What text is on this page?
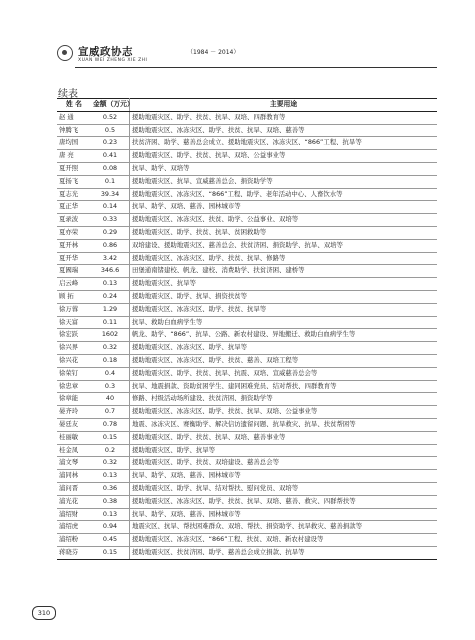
宣威政协志	（1984 － 2014）
XUAN WEI ZHENG XIE ZHI
续表
姓 名	金额（万元）	主要用途
赵 通	0.52	援助地震灾区、助学、扶贫、抗旱、双培、四群教育等
钟腾飞	0.5	援助地震灾区、冰冻灾区、助学、扶贫、抗旱、双培、慈善等
唐均国	0.23	扶贫济困、助学、慈善总会成立、援助地震灾区、冰冻灾区、“866”工程、抗旱等
唐 亮	0.41	援助地震灾区、助学、扶贫、抗旱、双培、公益事业等
夏开照	0.08	抗旱、助学、双培等
夏扬飞	0.1	援助地震灾区、抗旱、宣威慈善总会、捐资助学等
夏志光	39.34	援助地震灾区、冰冻灾区、“866”工程、助学、老年活动中心、人畜饮水等
夏正华	0.14	抗旱、助学、双培、慈善、园林城市等
夏录波	0.33	援助地震灾区、冰冻灾区、扶贫、助学、公益事业、双培等
夏亦荣	0.29	援助地震灾区、助学、扶贫、抗旱、贫困救助等
夏开林	0.86	双培建设、援助地震灾区、慈善总会、扶贫济困、捐资助学、抗旱、双培等
夏开华	3.42	援助地震灾区、冰冻灾区、助学、扶贫、抗旱、修路等
夏國瑞	346.6	田堡通南锗建校、帆龙、建校、消费助学、扶贫济困、建桥等
启云峰	0.13	援助地震灾区、抗旱等
顾 拓	0.24	援助地震灾区、助学、抗旱、捐资扶贫等
徐万蓉	1.29	援助地震灾区、冰冻灾区、助学、扶贫、抗旱等
徐天富	0.11	抗旱、救助白血病学生等
徐宏跃	1602	帆龙、助学、“866”、抗旱、公路、新农村建设、异地搬迁、救助白血病学生等
徐兴界	0.32	援助地震灾区、冰冻灾区、助学、抗旱等
徐兴花	0.18	援助地震灾区、冰冻灾区、助学、扶贫、慈善、双培工程等
徐荣钉	0.4	援助地震灾区、助学、扶贫、抗旱、抗震、双培、宣威慈善总会等
徐忠章	0.3	抗旱、地震捐款、资助贫困学生、建同困难党员、结对帮扶、四群教育等
徐章能	40	修路、村级活动场所建设、扶贫济困、捐资助学等
晏齐玲	0.7	援助地震灾区、冰冻灾区、助学、扶贫、抗旱、双培、公益事业等
晏廷友	0.78	地震、冰冻灾区、赛衡助学、解决信访遗留问题、抗旱救灾、抗旱、扶贫帮困等
桂丽敏	0.15	援助地震灾区、助学、扶贫、抗旱、双培、慈善事业等
桂金凤	0.2	援助地震灾区、助学、抗旱等
浦文琴	0.32	援助地震灾区、助学、扶贫、双培建设、慈善总会等
浦同林	0.13	抗旱、助学、双培、慈善、园林城市等
浦问晋	0.36	援助地震灾区、助学、抗旱、结对帮扶、慰问党员、双培等
浦光花	0.38	援助地震灾区、冰冻灾区、助学、扶贫、抗旱、双培、慈善、救灾、四群帮扶等
浦绍财	0.13	抗旱、助学、双培、慈善、园林城市等
浦绍虎	0.94	地震灾区、抗旱、帮扶困难群众、双培、帮扶、捐资助学、抗旱救灾、慈善捐款等
浦绍粉	0.45	援助地震灾区、冰冻灾区、“866”工程、扶贫、双培、新农村建设等
蒋晓芬	0.15	援助地震灾区、扶贫济困、助学、慈善总会成立捐款、抗旱等
310
